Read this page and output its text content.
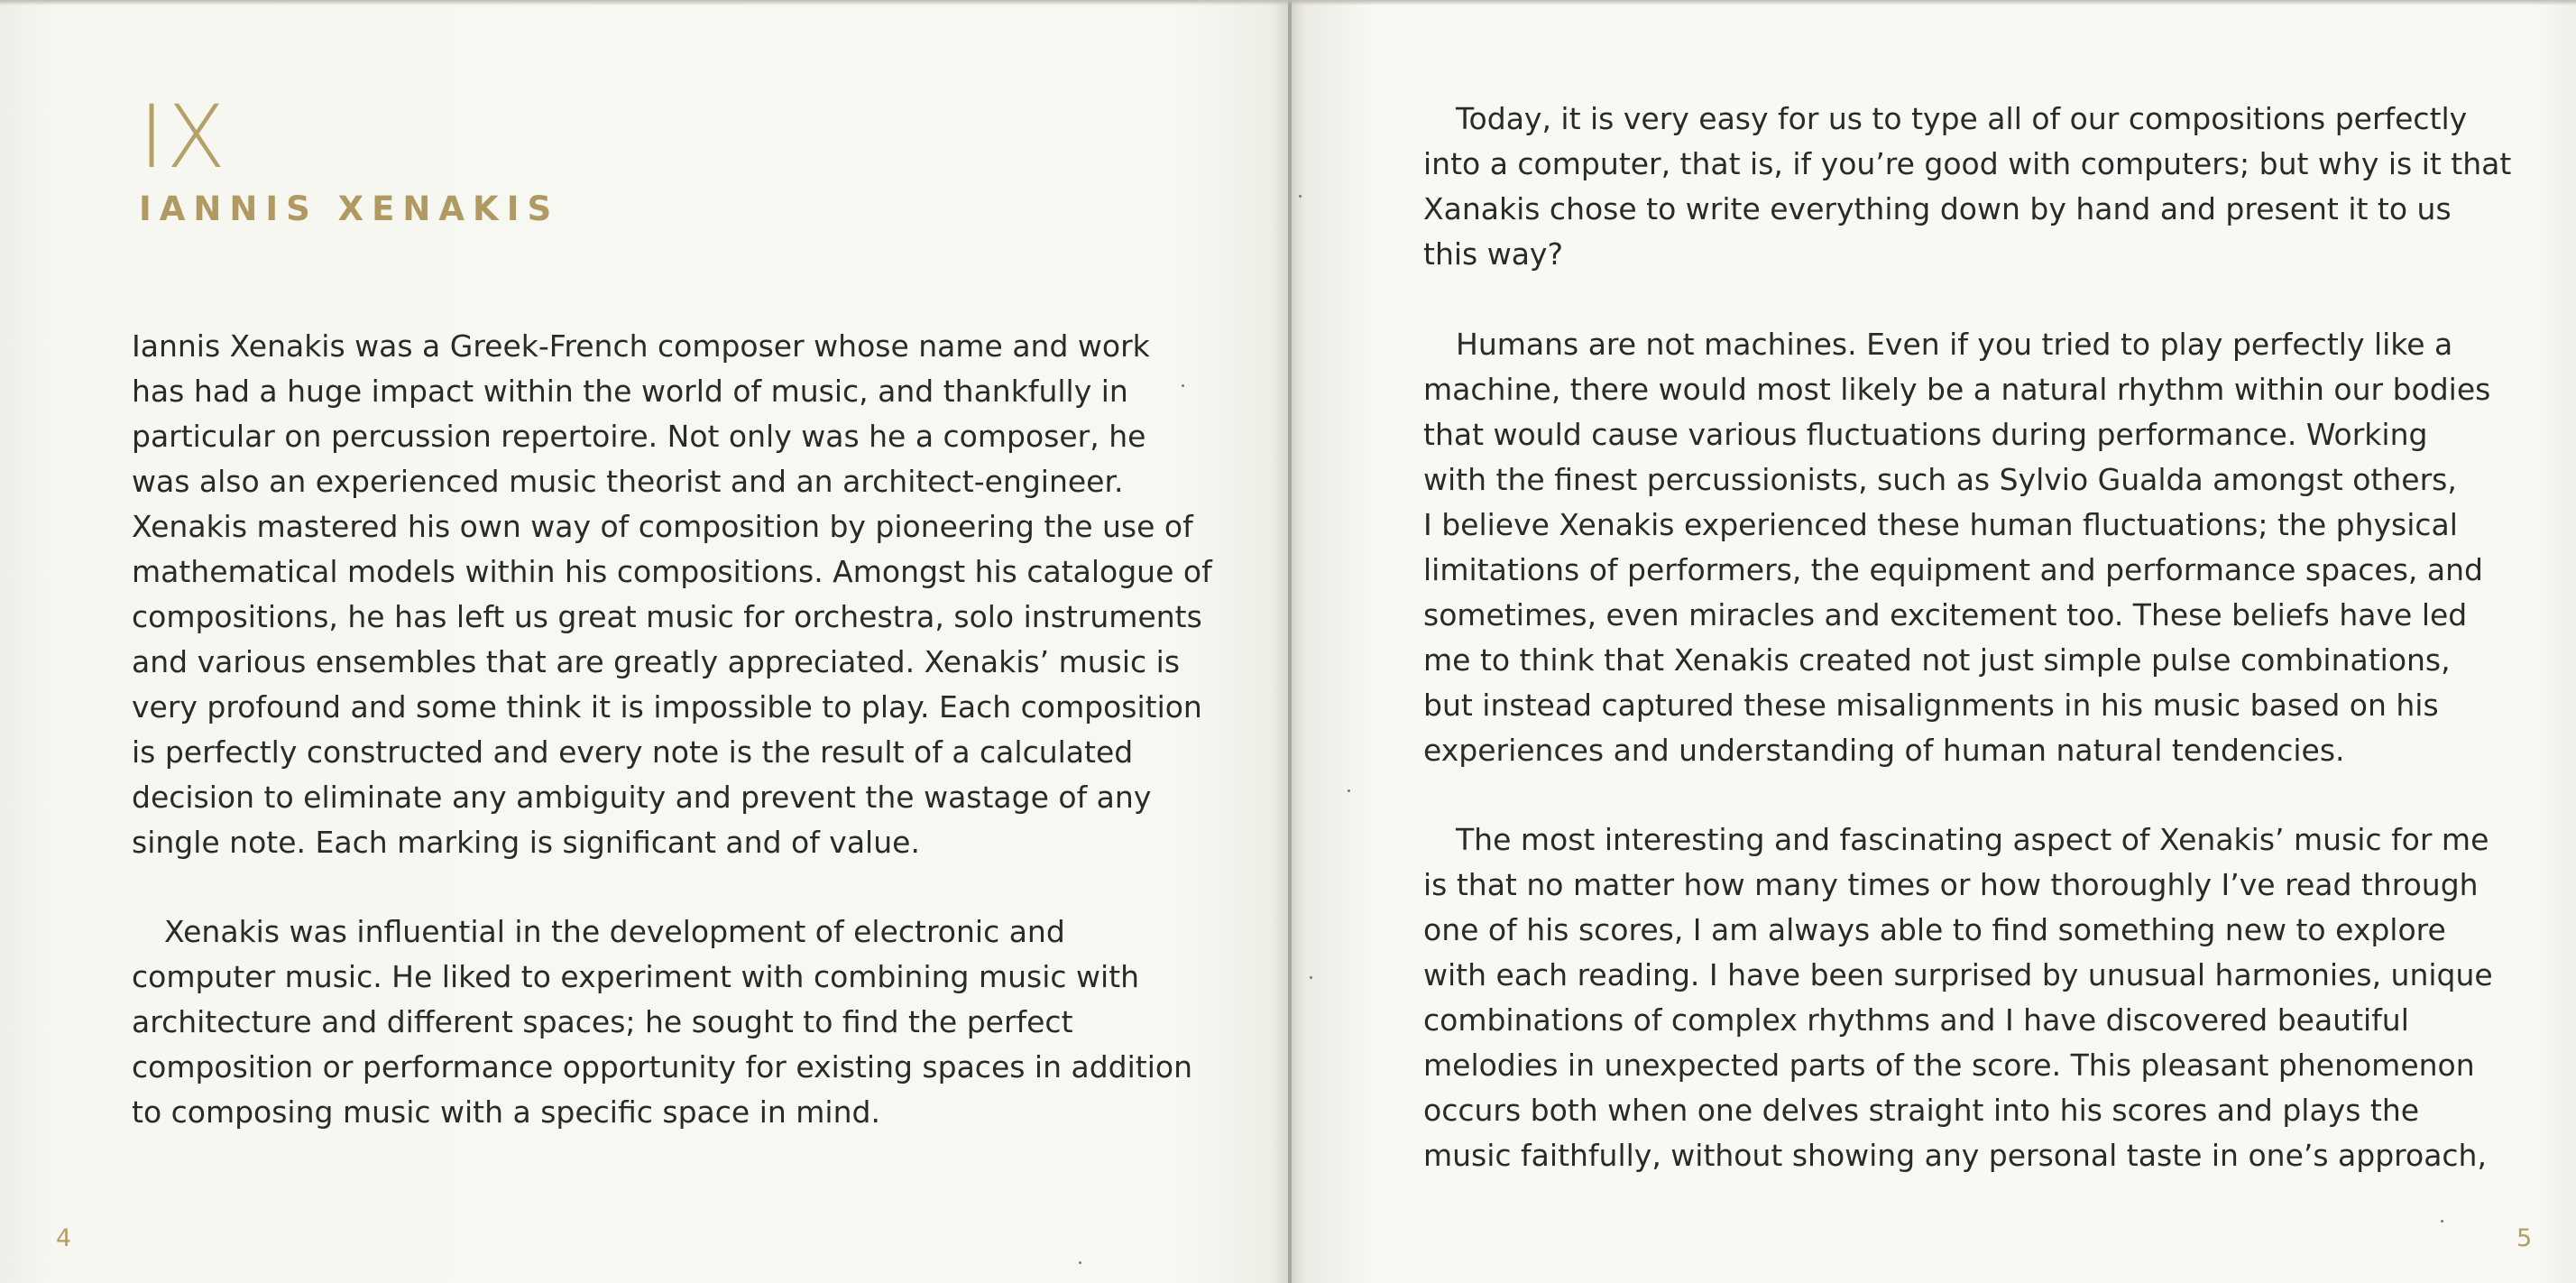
IX
IANNIS XENAKIS
Iannis Xenakis was a Greek-French composer whose name and work
has had a huge impact within the world of music, and thankfully in
particular on percussion repertoire. Not only was he a composer, he
was also an experienced music theorist and an architect-engineer.
Xenakis mastered his own way of composition by pioneering the use of
mathematical models within his compositions. Amongst his catalogue of
compositions, he has left us great music for orchestra, solo instruments
and various ensembles that are greatly appreciated. Xenakis’ music is
very profound and some think it is impossible to play. Each composition
is perfectly constructed and every note is the result of a calculated
decision to eliminate any ambiguity and prevent the wastage of any
single note. Each marking is significant and of value.
Xenakis was influential in the development of electronic and
computer music. He liked to experiment with combining music with
architecture and different spaces; he sought to find the perfect
composition or performance opportunity for existing spaces in addition
to composing music with a specific space in mind.
4
Today, it is very easy for us to type all of our compositions perfectly
into a computer, that is, if you’re good with computers; but why is it that
Xanakis chose to write everything down by hand and present it to us
this way?
Humans are not machines. Even if you tried to play perfectly like a
machine, there would most likely be a natural rhythm within our bodies
that would cause various fluctuations during performance. Working
with the finest percussionists, such as Sylvio Gualda amongst others,
I believe Xenakis experienced these human fluctuations; the physical
limitations of performers, the equipment and performance spaces, and
sometimes, even miracles and excitement too. These beliefs have led
me to think that Xenakis created not just simple pulse combinations,
but instead captured these misalignments in his music based on his
experiences and understanding of human natural tendencies.
The most interesting and fascinating aspect of Xenakis’ music for me
is that no matter how many times or how thoroughly I’ve read through
one of his scores, I am always able to find something new to explore
with each reading. I have been surprised by unusual harmonies, unique
combinations of complex rhythms and I have discovered beautiful
melodies in unexpected parts of the score. This pleasant phenomenon
occurs both when one delves straight into his scores and plays the
music faithfully, without showing any personal taste in one’s approach,
5
